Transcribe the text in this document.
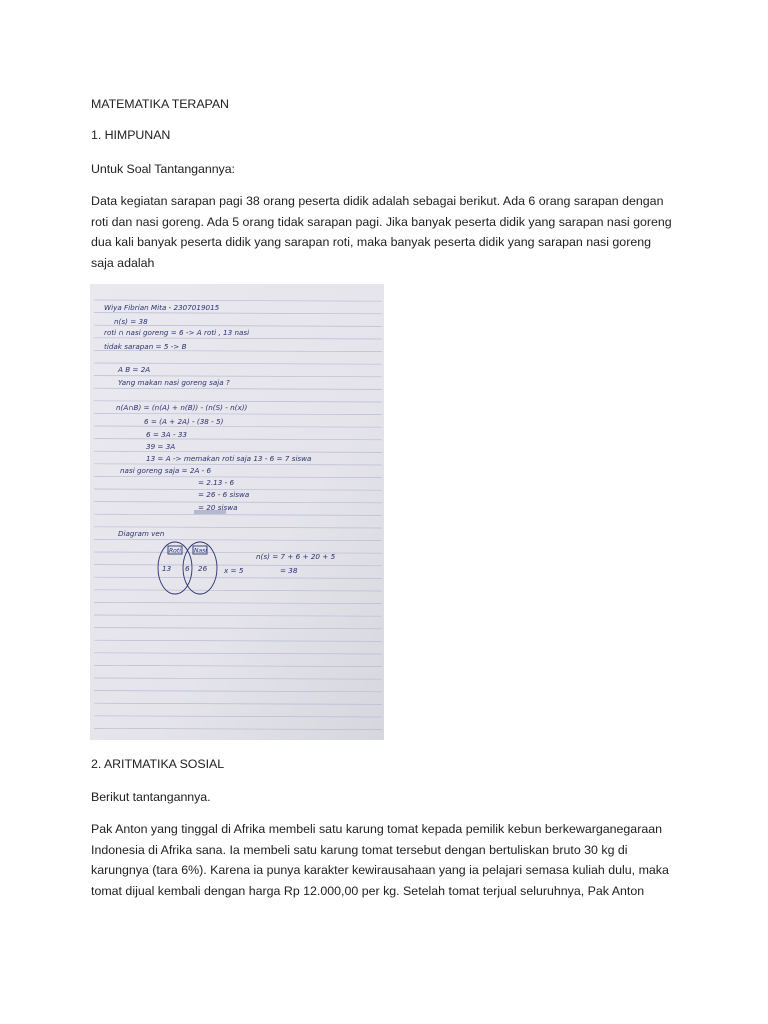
MATEMATIKA TERAPAN
1. HIMPUNAN
Untuk Soal Tantangannya:
Data kegiatan sarapan pagi 38 orang peserta didik adalah sebagai berikut. Ada 6 orang sarapan dengan
roti dan nasi goreng. Ada 5 orang tidak sarapan pagi. Jika banyak peserta didik yang sarapan nasi goreng
dua kali banyak peserta didik yang sarapan roti, maka banyak peserta didik yang sarapan nasi goreng
saja adalah
Wiya Fibrian Mita - 2307019015
n(s) = 38
roti ∩ nasi goreng = 6 -> A roti , 13 nasi
tidak sarapan = 5 -> B
A B = 2A
Yang makan nasi goreng saja ?
n(A∩B) = (n(A) + n(B)) - (n(S) - n(x))
6 = (A + 2A) - (38 - 5)
6 = 3A - 33
39 = 3A
13 = A -> memakan roti saja 13 - 6 = 7 siswa
nasi goreng saja = 2A - 6
= 2.13 - 6
= 26 - 6 siswa
= 20 siswa
Diagram ven
n(s) = 7 + 6 + 20 + 5
= 38
Roti Nasi
13 6 26 x = 5
2. ARITMATIKA SOSIAL
Berikut tantangannya.
Pak Anton yang tinggal di Afrika membeli satu karung tomat kepada pemilik kebun berkewarganegaraan
Indonesia di Afrika sana. Ia membeli satu karung tomat tersebut dengan bertuliskan bruto 30 kg di
karungnya (tara 6%). Karena ia punya karakter kewirausahaan yang ia pelajari semasa kuliah dulu, maka
tomat dijual kembali dengan harga Rp 12.000,00 per kg. Setelah tomat terjual seluruhnya, Pak Anton
